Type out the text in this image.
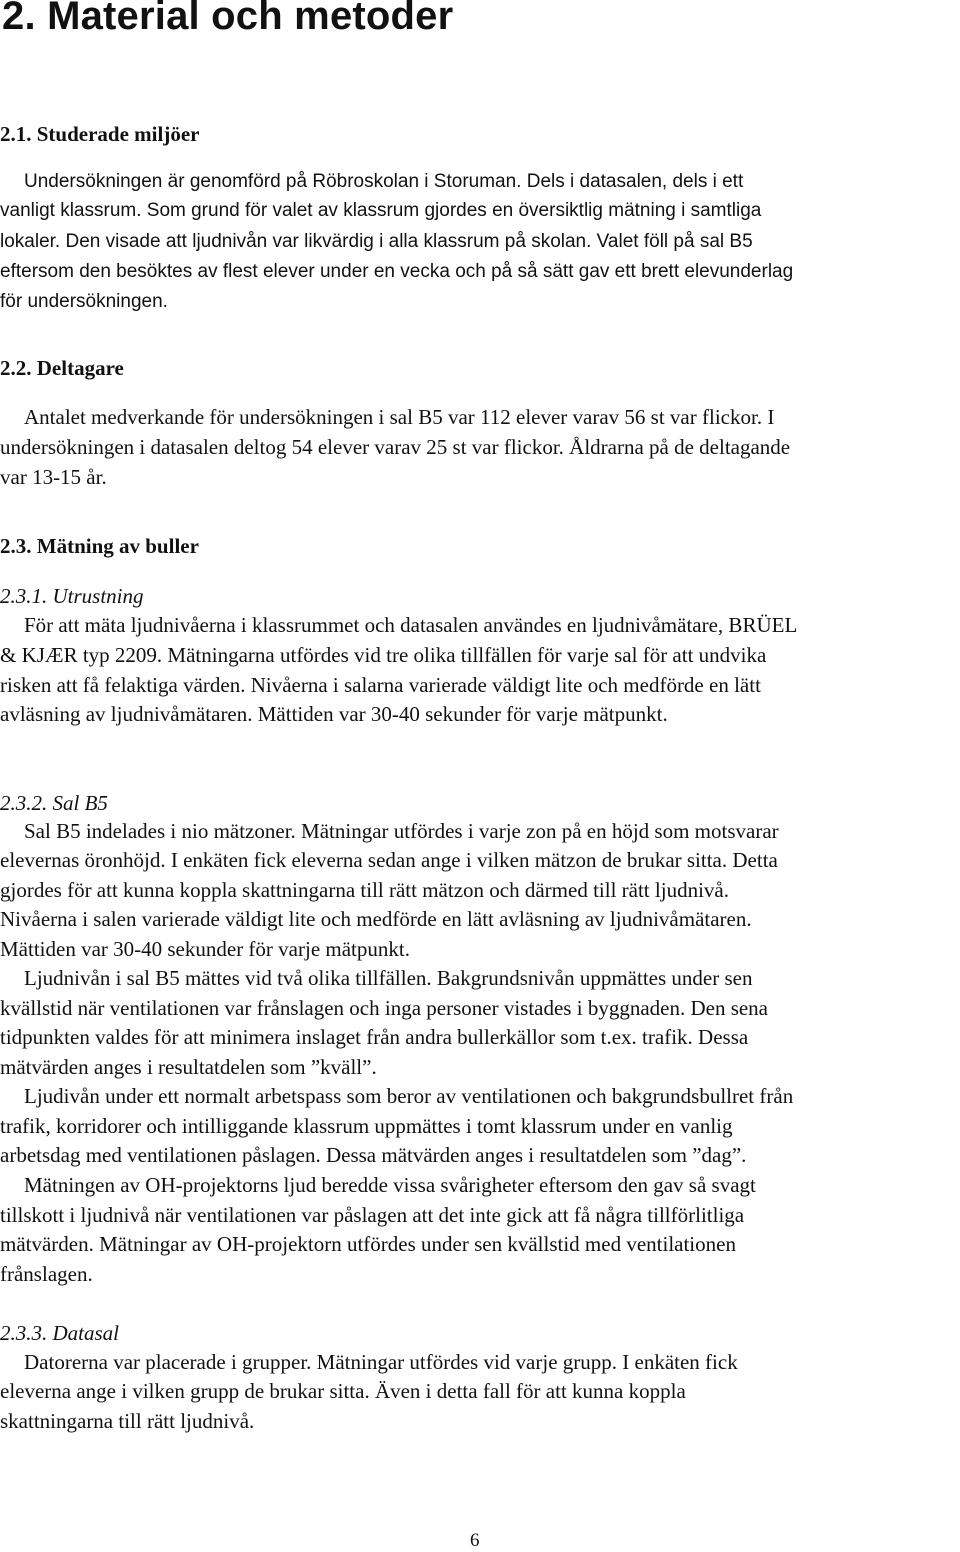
2. Material och metoder
2.1. Studerade miljöer
Undersökningen är genomförd på Röbroskolan i Storuman. Dels i datasalen, dels i ett
vanligt klassrum. Som grund för valet av klassrum gjordes en översiktlig mätning i samtliga
lokaler. Den visade att ljudnivån var likvärdig i alla klassrum på skolan. Valet föll på sal B5
eftersom den besöktes av flest elever under en vecka och på så sätt gav ett brett elevunderlag
för undersökningen.
2.2. Deltagare
Antalet medverkande för undersökningen i sal B5 var 112 elever varav 56 st var flickor. I
undersökningen i datasalen deltog 54 elever varav 25 st var flickor. Åldrarna på de deltagande
var 13-15 år.
2.3. Mätning av buller
2.3.1. Utrustning
För att mäta ljudnivåerna i klassrummet och datasalen användes en ljudnivåmätare, BRÜEL
& KJÆR typ 2209. Mätningarna utfördes vid tre olika tillfällen för varje sal för att undvika
risken att få felaktiga värden. Nivåerna i salarna varierade väldigt lite och medförde en lätt
avläsning av ljudnivåmätaren. Mättiden var 30-40 sekunder för varje mätpunkt.
2.3.2. Sal B5
Sal B5 indelades i nio mätzoner. Mätningar utfördes i varje zon på en höjd som motsvarar
elevernas öronhöjd. I enkäten fick eleverna sedan ange i vilken mätzon de brukar sitta. Detta
gjordes för att kunna koppla skattningarna till rätt mätzon och därmed till rätt ljudnivå.
Nivåerna i salen varierade väldigt lite och medförde en lätt avläsning av ljudnivåmätaren.
Mättiden var 30-40 sekunder för varje mätpunkt.
Ljudnivån i sal B5 mättes vid två olika tillfällen. Bakgrundsnivån uppmättes under sen
kvällstid när ventilationen var frånslagen och inga personer vistades i byggnaden. Den sena
tidpunkten valdes för att minimera inslaget från andra bullerkällor som t.ex. trafik. Dessa
mätvärden anges i resultatdelen som ”kväll”.
Ljudivån under ett normalt arbetspass som beror av ventilationen och bakgrundsbullret från
trafik, korridorer och intilliggande klassrum uppmättes i tomt klassrum under en vanlig
arbetsdag med ventilationen påslagen. Dessa mätvärden anges i resultatdelen som ”dag”.
Mätningen av OH-projektorns ljud beredde vissa svårigheter eftersom den gav så svagt
tillskott i ljudnivå när ventilationen var påslagen att det inte gick att få några tillförlitliga
mätvärden. Mätningar av OH-projektorn utfördes under sen kvällstid med ventilationen
frånslagen.
2.3.3. Datasal
Datorerna var placerade i grupper. Mätningar utfördes vid varje grupp. I enkäten fick
eleverna ange i vilken grupp de brukar sitta. Även i detta fall för att kunna koppla
skattningarna till rätt ljudnivå.
6
